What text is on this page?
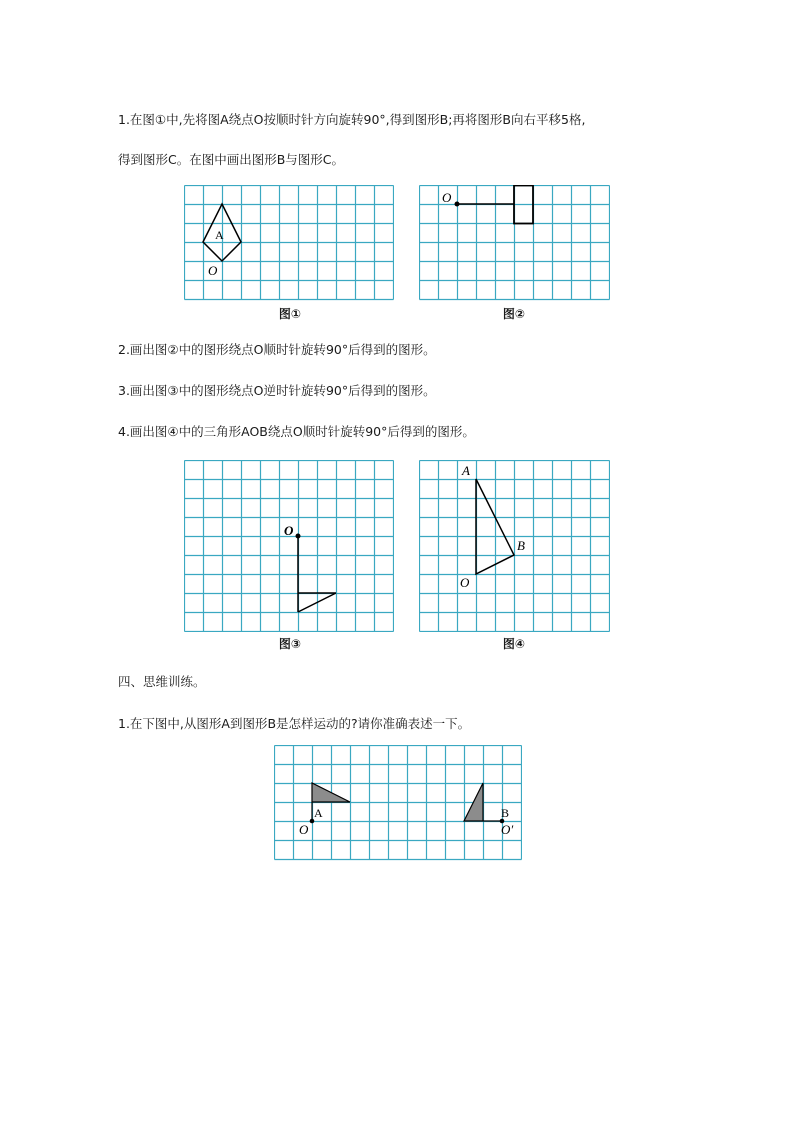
1.在图①中,先将图A绕点O按顺时针方向旋转90°,得到图形B;再将图形B向右平移5格,
得到图形C。在图中画出图形B与图形C。
A
O
图①
O
图②
2.画出图②中的图形绕点O顺时针旋转90°后得到的图形。
3.画出图③中的图形绕点O逆时针旋转90°后得到的图形。
4.画出图④中的三角形AOB绕点O顺时针旋转90°后得到的图形。
O
图③
A
B
O
图④
四、思维训练。
1.在下图中,从图形A到图形B是怎样运动的?请你准确表述一下。
A
O
B
O′
